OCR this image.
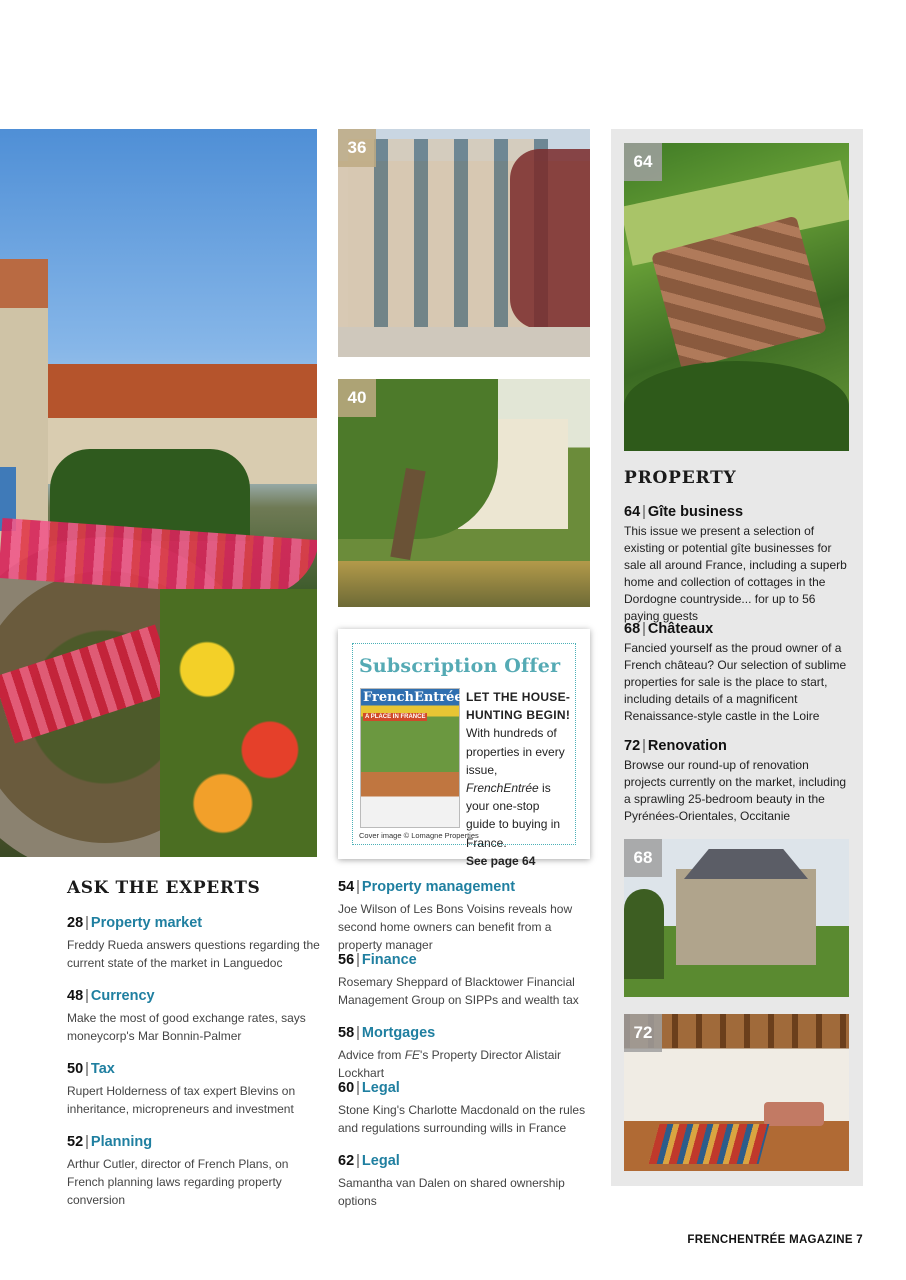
36
40
Subscription Offer
FrenchEntrée
A PLACE IN FRANCE
LET THE HOUSE-HUNTING BEGIN!
With hundreds of properties in every issue, FrenchEntrée is your one-stop guide to buying in France.
See page 64
Cover image © Lomagne Properties
64
PROPERTY
64 | Gîte business
This issue we present a selection of existing or potential gîte businesses for sale all around France, including a superb home and collection of cottages in the Dordogne countryside... for up to 56 paying guests
68 | Châteaux
Fancied yourself as the proud owner of a French château? Our selection of sublime properties for sale is the place to start, including details of a magnificent Renaissance-style castle in the Loire
72 | Renovation
Browse our round-up of renovation projects currently on the market, including a sprawling 25-bedroom beauty in the Pyrénées-Orientales, Occitanie
68
72
ASK THE EXPERTS
28 | Property market
Freddy Rueda answers questions regarding the current state of the market in Languedoc
48 | Currency
Make the most of good exchange rates, says moneycorp's Mar Bonnin-Palmer
50 | Tax
Rupert Holderness of tax expert Blevins on inheritance, micropreneurs and investment
52 | Planning
Arthur Cutler, director of French Plans, on French planning laws regarding property conversion
54 | Property management
Joe Wilson of Les Bons Voisins reveals how second home owners can benefit from a property manager
56 | Finance
Rosemary Sheppard of Blacktower Financial Management Group on SIPPs and wealth tax
58 | Mortgages
Advice from FE's Property Director Alistair Lockhart
60 | Legal
Stone King's Charlotte Macdonald on the rules and regulations surrounding wills in France
62 | Legal
Samantha van Dalen on shared ownership options
FRENCHENTRÉE MAGAZINE 7
